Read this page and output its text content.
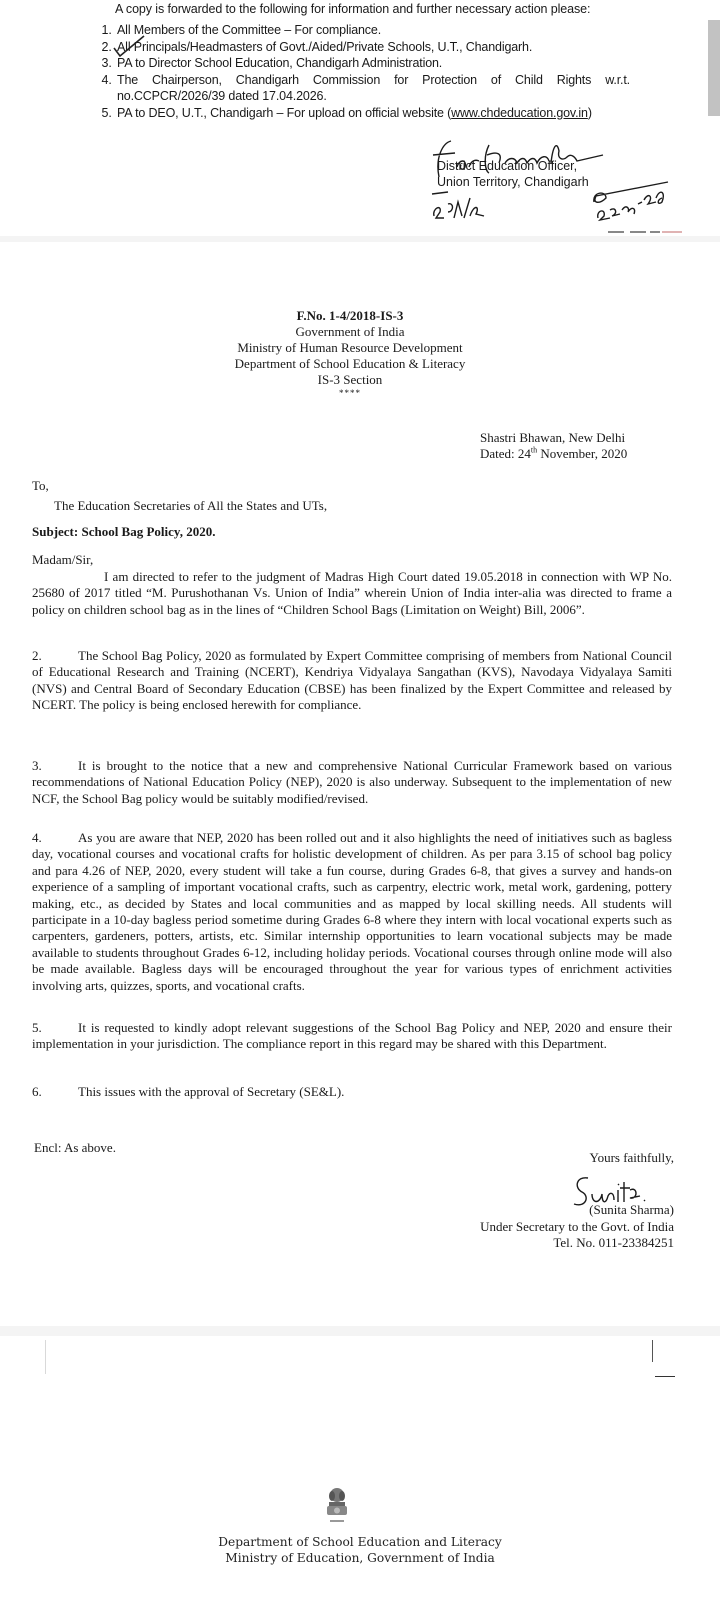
A copy is forwarded to the following for information and further necessary action please:
1. All Members of the Committee – For compliance.
2. All Principals/Headmasters of Govt./Aided/Private Schools, U.T., Chandigarh.
3. PA to Director School Education, Chandigarh Administration.
4. The Chairperson, Chandigarh Commission for Protection of Child Rights w.r.t. no.CCPCR/2026/39 dated 17.04.2026.
5. PA to DEO, U.T., Chandigarh – For upload on official website (www.chdeducation.gov.in)
District Education Officer,
Union Territory, Chandigarh
F.No. 1-4/2018-IS-3
Government of India
Ministry of Human Resource Development
Department of School Education & Literacy
IS-3 Section
****
Shastri Bhawan, New Delhi
Dated: 24th November, 2020
To,
The Education Secretaries of All the States and UTs,
Subject: School Bag Policy, 2020.
Madam/Sir,
I am directed to refer to the judgment of Madras High Court dated 19.05.2018 in connection with WP No. 25680 of 2017 titled “M. Purushothanan Vs. Union of India” wherein Union of India inter-alia was directed to frame a policy on children school bag as in the lines of “Children School Bags (Limitation on Weight) Bill, 2006”.
2.	The School Bag Policy, 2020 as formulated by Expert Committee comprising of members from National Council of Educational Research and Training (NCERT), Kendriya Vidyalaya Sangathan (KVS), Navodaya Vidyalaya Samiti (NVS) and Central Board of Secondary Education (CBSE) has been finalized by the Expert Committee and released by NCERT. The policy is being enclosed herewith for compliance.
3.	It is brought to the notice that a new and comprehensive National Curricular Framework based on various recommendations of National Education Policy (NEP), 2020 is also underway. Subsequent to the implementation of new NCF, the School Bag policy would be suitably modified/revised.
4.	As you are aware that NEP, 2020 has been rolled out and it also highlights the need of initiatives such as bagless day, vocational courses and vocational crafts for holistic development of children. As per para 3.15 of school bag policy and para 4.26 of NEP, 2020, every student will take a fun course, during Grades 6-8, that gives a survey and hands-on experience of a sampling of important vocational crafts, such as carpentry, electric work, metal work, gardening, pottery making, etc., as decided by States and local communities and as mapped by local skilling needs. All students will participate in a 10-day bagless period sometime during Grades 6-8 where they intern with local vocational experts such as carpenters, gardeners, potters, artists, etc. Similar internship opportunities to learn vocational subjects may be made available to students throughout Grades 6-12, including holiday periods. Vocational courses through online mode will also be made available. Bagless days will be encouraged throughout the year for various types of enrichment activities involving arts, quizzes, sports, and vocational crafts.
5.	It is requested to kindly adopt relevant suggestions of the School Bag Policy and NEP, 2020 and ensure their implementation in your jurisdiction. The compliance report in this regard may be shared with this Department.
6.	This issues with the approval of Secretary (SE&L).
Encl: As above.
Yours faithfully,
(Sunita Sharma)
Under Secretary to the Govt. of India
Tel. No. 011-23384251
Department of School Education and Literacy
Ministry of Education, Government of India
